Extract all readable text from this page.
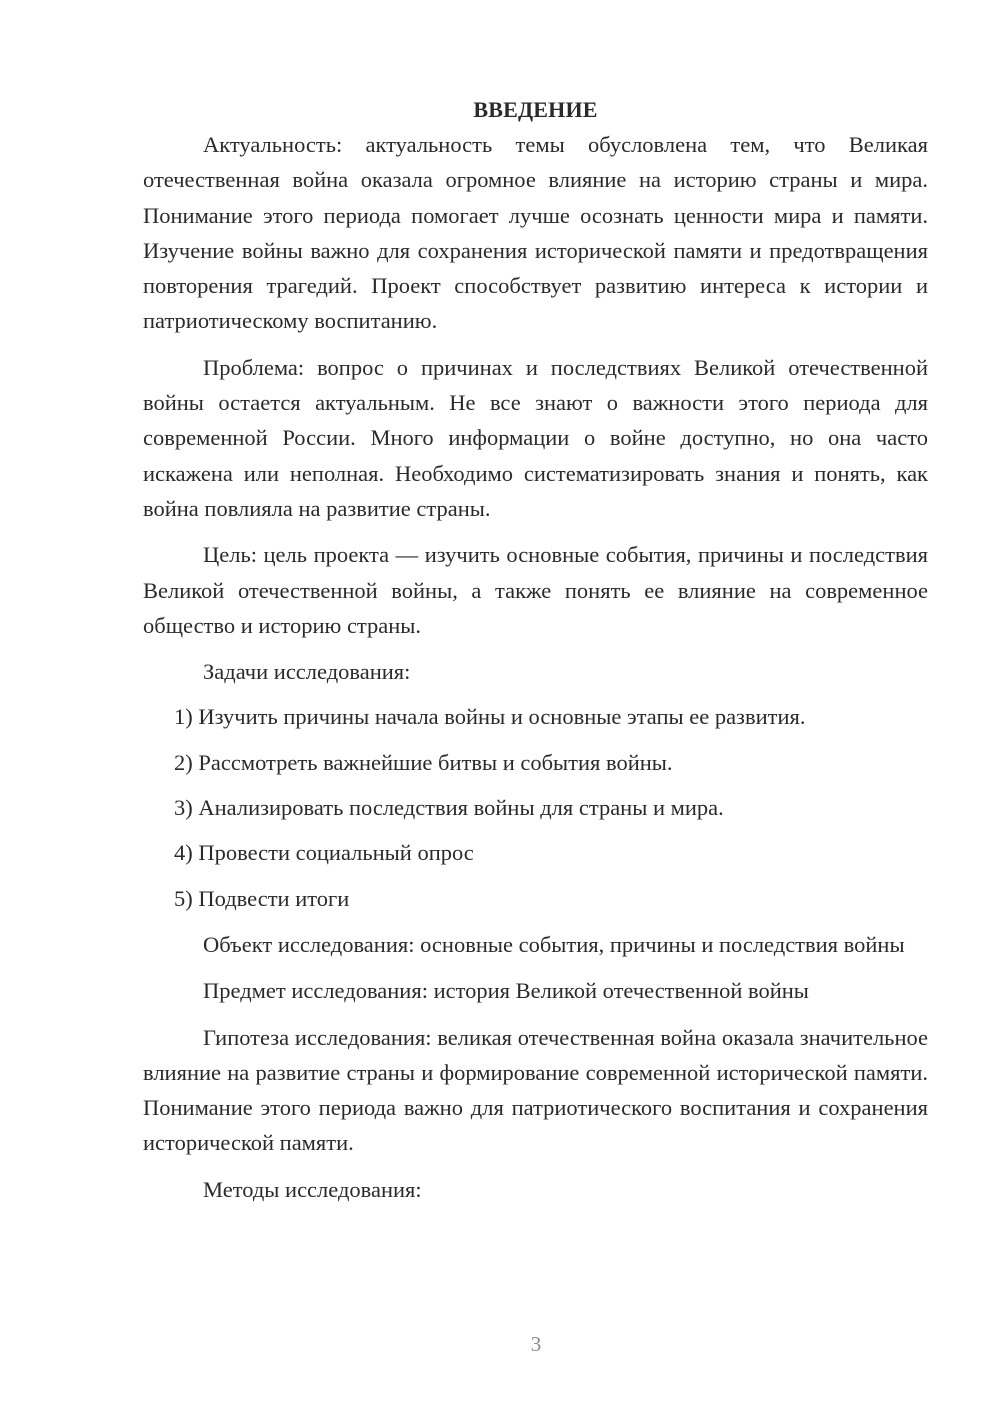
ВВЕДЕНИЕ

Актуальность: актуальность темы обусловлена тем, что Великая отечественная война оказала огромное влияние на историю страны и мира. Понимание этого периода помогает лучше осознать ценности мира и памяти. Изучение войны важно для сохранения исторической памяти и предотвращения повторения трагедий. Проект способствует развитию интереса к истории и патриотическому воспитанию.

Проблема: вопрос о причинах и последствиях Великой отечественной войны остается актуальным. Не все знают о важности этого периода для современной России. Много информации о войне доступно, но она часто искажена или неполная. Необходимо систематизировать знания и понять, как война повлияла на развитие страны.

Цель: цель проекта — изучить основные события, причины и последствия Великой отечественной войны, а также понять ее влияние на современное общество и историю страны.

Задачи исследования:

1) Изучить причины начала войны и основные этапы ее развития.

2) Рассмотреть важнейшие битвы и события войны.

3) Анализировать последствия войны для страны и мира.

4) Провести социальный опрос

5) Подвести итоги

Объект исследования: основные события, причины и последствия войны

Предмет исследования: история Великой отечественной войны

Гипотеза исследования: великая отечественная война оказала значительное влияние на развитие страны и формирование современной исторической памяти. Понимание этого периода важно для патриотического воспитания и сохранения исторической памяти.

Методы исследования:

3
